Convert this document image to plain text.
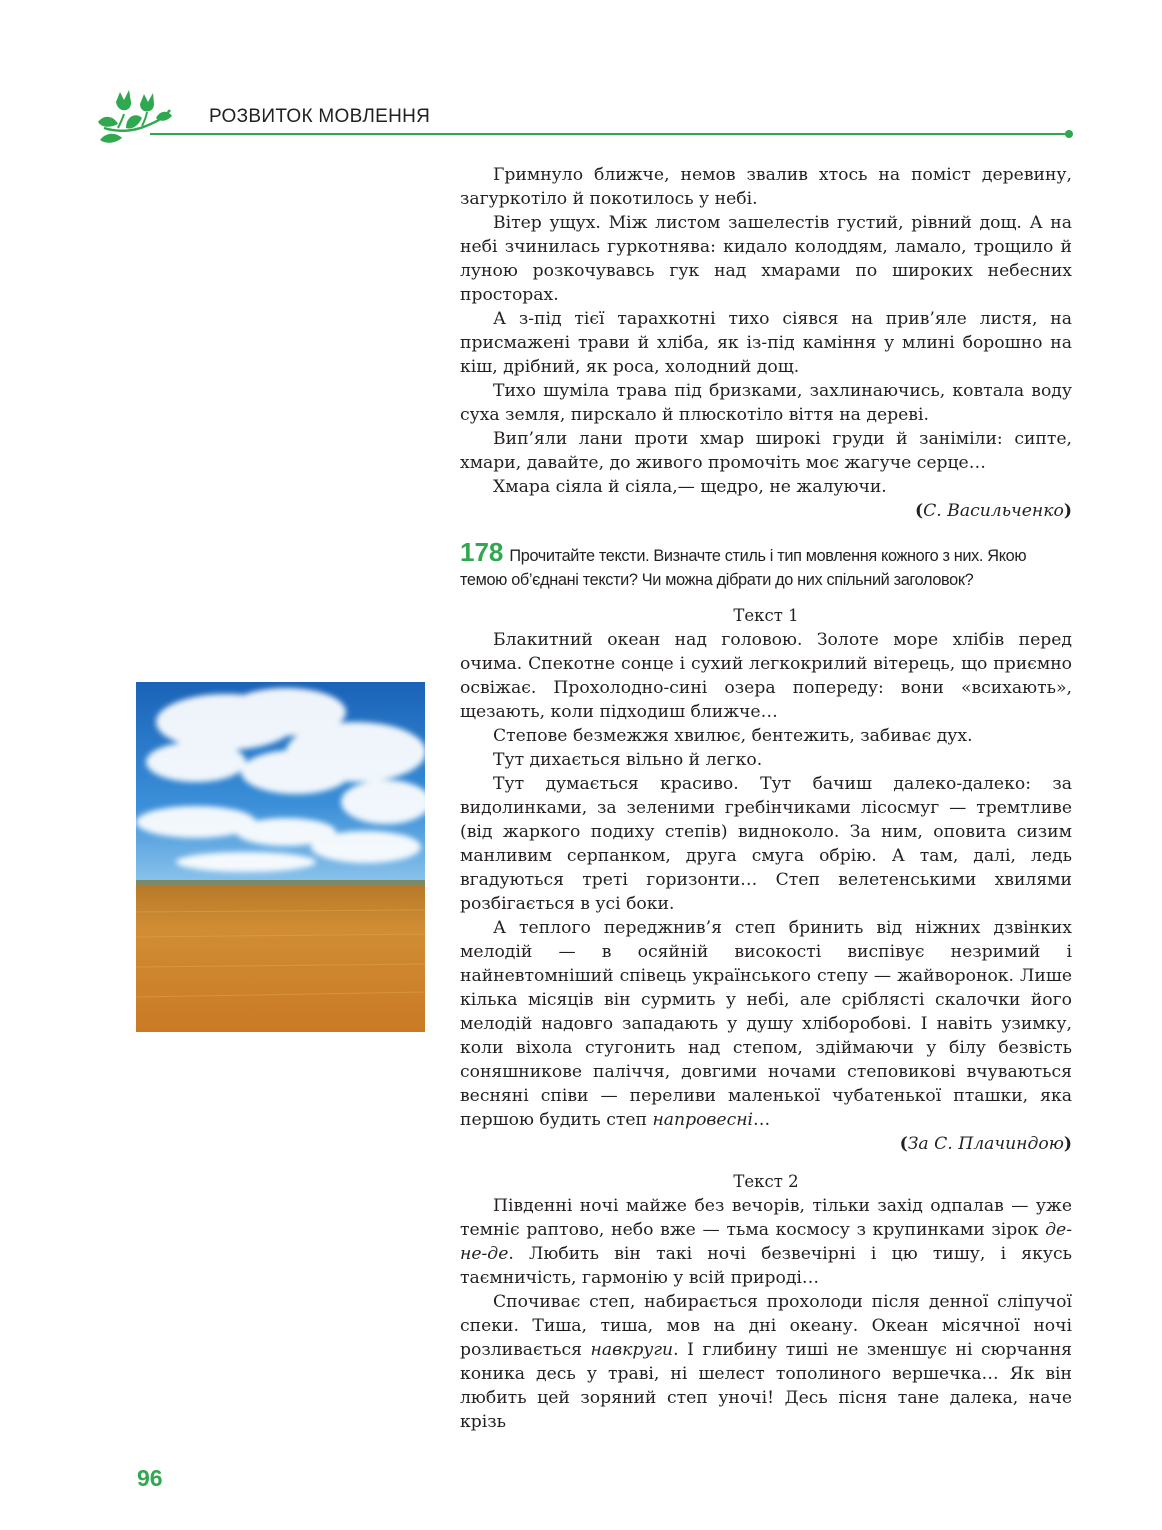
РОЗВИТОК МОВЛЕННЯ

Гримнуло ближче, немов звалив хтось на поміст деревину, загуркотіло й покотилось у небі.

Вітер ущух. Між листом зашелестів густий, рівний дощ. А на небі зчинилась гуркотнява: кидало колоддям, ламало, трощило й луною розкочувавсь гук над хмарами по широких небесних просторах.

А з-під тієї тарахкотні тихо сіявся на прив’яле листя, на присмажені трави й хліба, як із-під каміння у млині борошно на кіш, дрібний, як роса, холодний дощ.

Тихо шуміла трава під бризками, захлинаючись, ковтала воду суха земля, пирскало й плюскотіло віття на дереві.

Вип’яли лани проти хмар широкі груди й заніміли: сипте, хмари, давайте, до живого промочіть моє жагуче серце…

Хмара сіяла й сіяла,— щедро, не жалуючи.

(С. Васильченко)

178 Прочитайте тексти. Визначте стиль і тип мовлення кожного з них. Якою темою об’єднані тексти? Чи можна дібрати до них спільний заголовок?

Текст 1

Блакитний океан над головою. Золоте море хлібів перед очима. Спекотне сонце і сухий легкокрилий вітерець, що приємно освіжає. Прохолодно-сині озера попереду: вони «всихають», щезають, коли підходиш ближче…

Степове безмежжя хвилює, бентежить, забиває дух.

Тут дихається вільно й легко.

Тут думається красиво. Тут бачиш далеко-далеко: за видолинками, за зеленими гребінчиками лісосмуг — тремтливе (від жаркого подиху степів) видноколо. За ним, оповита сизим манливим серпанком, друга смуга обрію. А там, далі, ледь вгадуються треті горизонти… Степ велетенськими хвилями розбігається в усі боки.

А теплого переджнив’я степ бринить від ніжних дзвінких мелодій — в осяйній високості виспівує незримий і найневтомніший співець українського степу — жайворонок. Лише кілька місяців він сурмить у небі, але сріблясті скалочки його мелодій надовго западають у душу хліборобові. І навіть узимку, коли віхола стугонить над степом, здіймаючи у білу безвість соняшникове паліччя, довгими ночами степовикові вчуваються весняні співи — переливи маленької чубатенької пташки, яка першою будить степ напровесні…

(За С. Плачиндою)

Текст 2

Південні ночі майже без вечорів, тільки захід одпалав — уже темніє раптово, небо вже — тьма космосу з крупинками зірок де-не-де. Любить він такі ночі безвечірні і цю тишу, і якусь таємничість, гармонію у всій природі…

Спочиває степ, набирається прохолоди після денної сліпучої спеки. Тиша, тиша, мов на дні океану. Океан місячної ночі розливається навкруги. І глибину тиші не зменшує ні сюрчання коника десь у траві, ні шелест тополиного вершечка… Як він любить цей зоряний степ уночі! Десь пісня тане далека, наче крізь

96
